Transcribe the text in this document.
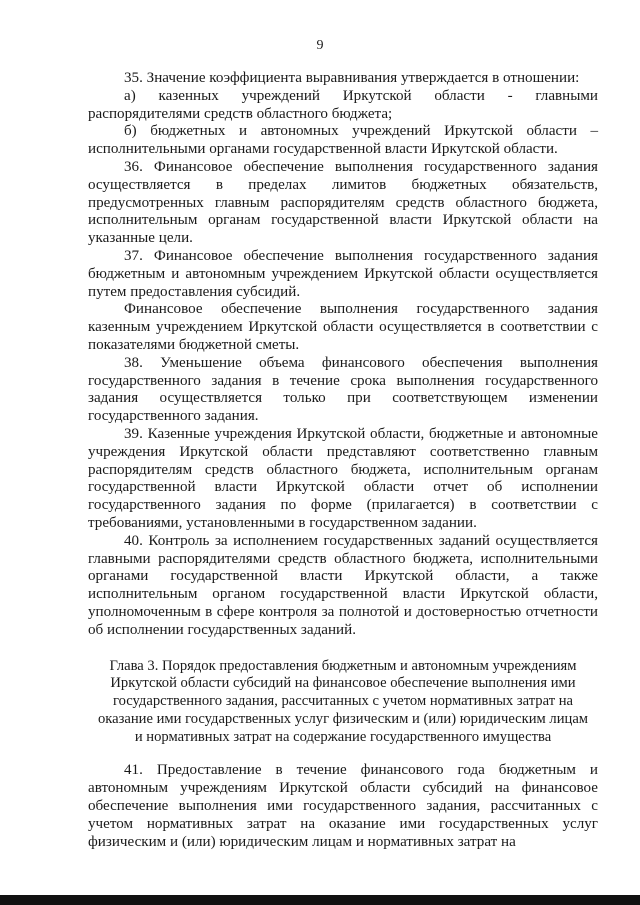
9

35. Значение коэффициента выравнивания утверждается в отношении:

а) казенных учреждений Иркутской области - главными распорядителями средств областного бюджета;

б) бюджетных и автономных учреждений Иркутской области – исполнительными органами государственной власти Иркутской области.

36. Финансовое обеспечение выполнения государственного задания осуществляется в пределах лимитов бюджетных обязательств, предусмотренных главным распорядителям средств областного бюджета, исполнительным органам государственной власти Иркутской области на указанные цели.

37. Финансовое обеспечение выполнения государственного задания бюджетным и автономным учреждением Иркутской области осуществляется путем предоставления субсидий.

Финансовое обеспечение выполнения государственного задания казенным учреждением Иркутской области осуществляется в соответствии с показателями бюджетной сметы.

38. Уменьшение объема финансового обеспечения выполнения государственного задания в течение срока выполнения государственного задания осуществляется только при соответствующем изменении государственного задания.

39. Казенные учреждения Иркутской области, бюджетные и автономные учреждения Иркутской области представляют соответственно главным распорядителям средств областного бюджета, исполнительным органам государственной власти Иркутской области отчет об исполнении государственного задания по форме (прилагается) в соответствии с требованиями, установленными в государственном задании.

40. Контроль за исполнением государственных заданий осуществляется главными распорядителями средств областного бюджета, исполнительными органами государственной власти Иркутской области, а также исполнительным органом государственной власти Иркутской области, уполномоченным в сфере контроля за полнотой и достоверностью отчетности об исполнении государственных заданий.

Глава 3. Порядок предоставления бюджетным и автономным учреждениям Иркутской области субсидий на финансовое обеспечение выполнения ими государственного задания, рассчитанных с учетом нормативных затрат на оказание ими государственных услуг физическим и (или) юридическим лицам и нормативных затрат на содержание государственного имущества

41. Предоставление в течение финансового года бюджетным и автономным учреждениям Иркутской области субсидий на финансовое обеспечение выполнения ими государственного задания, рассчитанных с учетом нормативных затрат на оказание ими государственных услуг физическим и (или) юридическим лицам и нормативных затрат на
